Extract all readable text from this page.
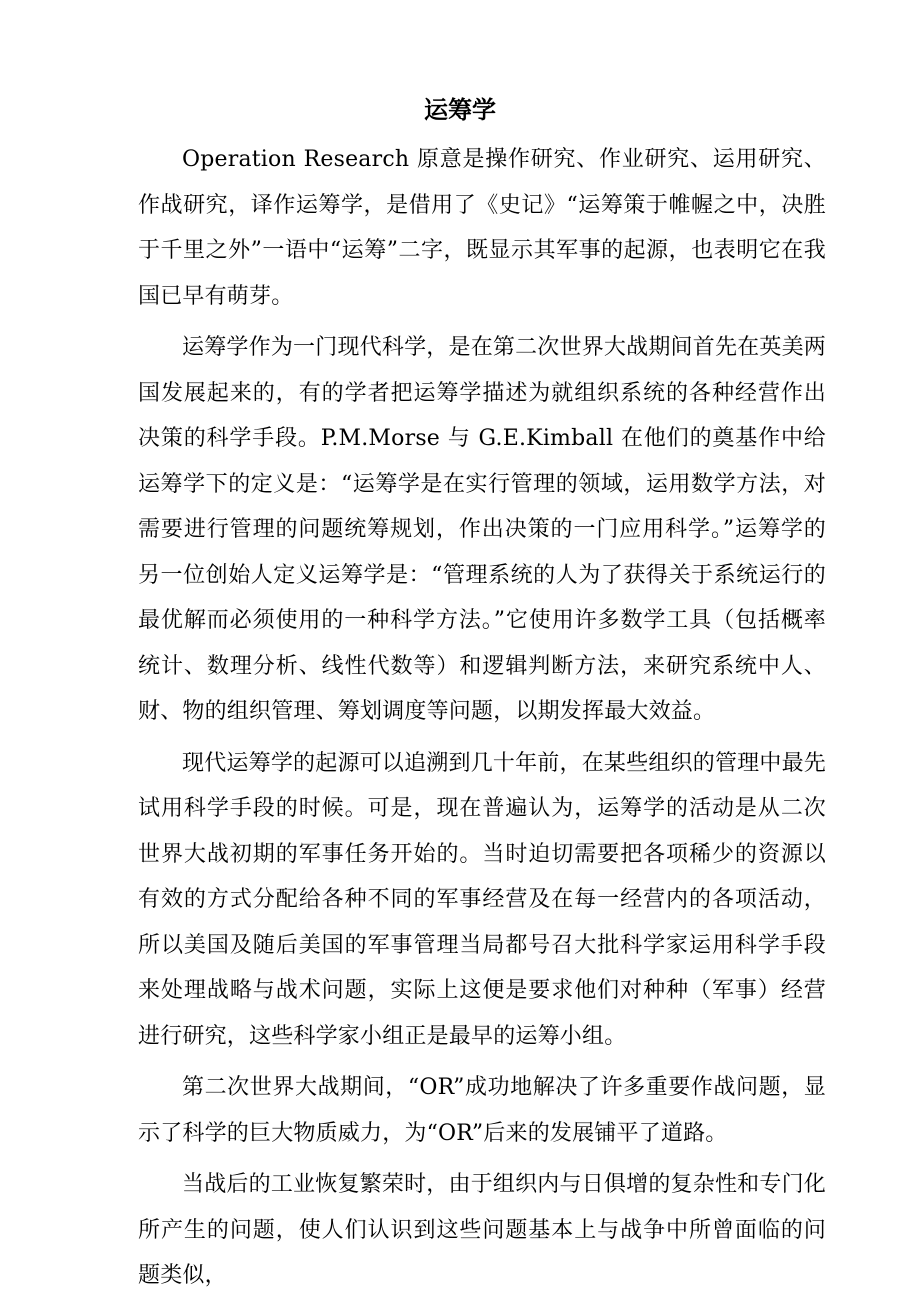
运筹学

Operation Research 原意是操作研究、作业研究、运用研究、作战研究，译作运筹学，是借用了《史记》“运筹策于帷幄之中，决胜于千里之外”一语中“运筹”二字，既显示其军事的起源，也表明它在我国已早有萌芽。

运筹学作为一门现代科学，是在第二次世界大战期间首先在英美两国发展起来的，有的学者把运筹学描述为就组织系统的各种经营作出决策的科学手段。P.M.Morse 与 G.E.Kimball 在他们的奠基作中给运筹学下的定义是：“运筹学是在实行管理的领域，运用数学方法，对需要进行管理的问题统筹规划，作出决策的一门应用科学。”运筹学的另一位创始人定义运筹学是：“管理系统的人为了获得关于系统运行的最优解而必须使用的一种科学方法。”它使用许多数学工具（包括概率统计、数理分析、线性代数等）和逻辑判断方法，来研究系统中人、财、物的组织管理、筹划调度等问题，以期发挥最大效益。

现代运筹学的起源可以追溯到几十年前，在某些组织的管理中最先试用科学手段的时候。可是，现在普遍认为，运筹学的活动是从二次世界大战初期的军事任务开始的。当时迫切需要把各项稀少的资源以有效的方式分配给各种不同的军事经营及在每一经营内的各项活动，所以美国及随后美国的军事管理当局都号召大批科学家运用科学手段来处理战略与战术问题，实际上这便是要求他们对种种（军事）经营进行研究，这些科学家小组正是最早的运筹小组。

第二次世界大战期间，“OR”成功地解决了许多重要作战问题，显示了科学的巨大物质威力，为“OR”后来的发展铺平了道路。

当战后的工业恢复繁荣时，由于组织内与日俱增的复杂性和专门化所产生的问题，使人们认识到这些问题基本上与战争中所曾面临的问题类似，
